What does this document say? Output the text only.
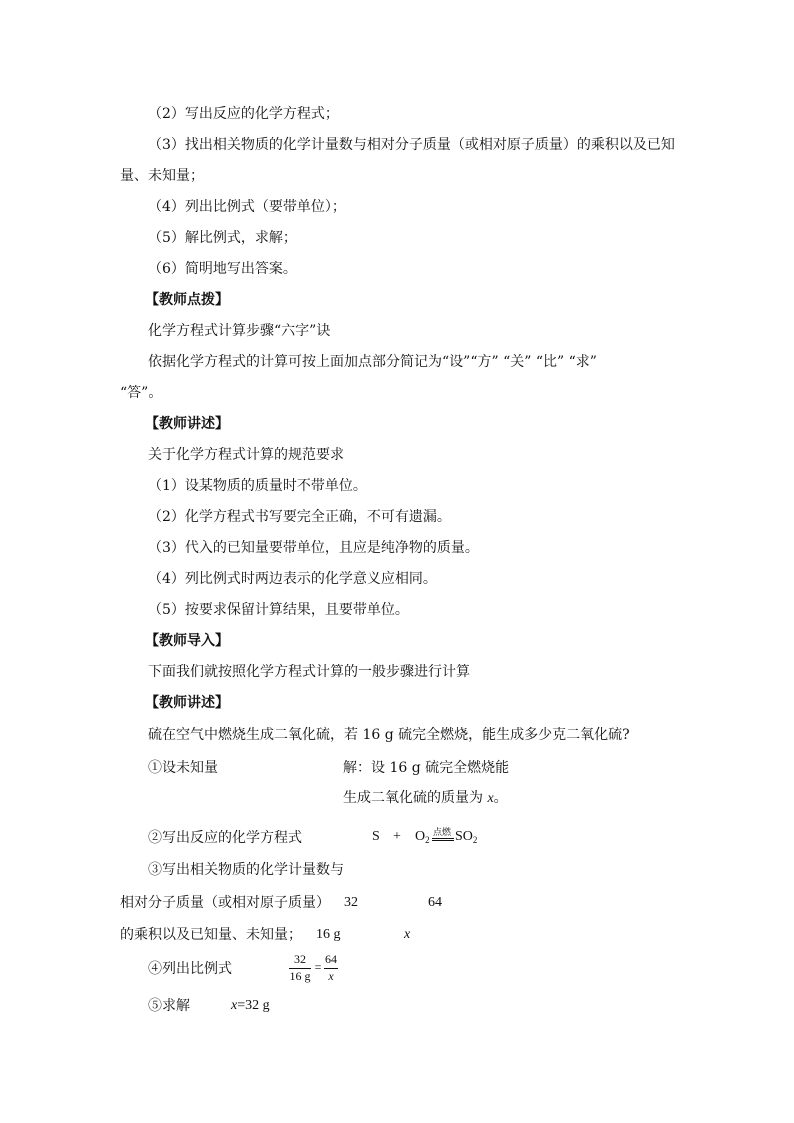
（2）写出反应的化学方程式；
（3）找出相关物质的化学计量数与相对分子质量（或相对原子质量）的乘积以及已知
量、未知量；
（4）列出比例式（要带单位）；
（5）解比例式，求解；
（6）简明地写出答案。
【教师点拨】
化学方程式计算步骤“六字”诀
依据化学方程式的计算可按上面加点部分简记为“设”“方” “关” “比” “求”
“答”。
【教师讲述】
关于化学方程式计算的规范要求
（1）设某物质的质量时不带单位。
（2）化学方程式书写要完全正确，不可有遗漏。
（3）代入的已知量要带单位，且应是纯净物的质量。
（4）列比例式时两边表示的化学意义应相同。
（5）按要求保留计算结果，且要带单位。
【教师导入】
下面我们就按照化学方程式计算的一般步骤进行计算
【教师讲述】
硫在空气中燃烧生成二氧化硫，若 16 g 硫完全燃烧，能生成多少克二氧化硫?
①设未知量	解：设 16 g 硫完全燃烧能
生成二氧化硫的质量为 x。
②写出反应的化学方程式	$S + O_2$
点燃 $SO_2$
③写出相关物质的化学计量数与
相对分子质量（或相对原子质量） 32	64
的乘积以及已知量、未知量； 16 g	x
④列出比例式
32
16 g
=
64
x
⑤求解	x=32 g
